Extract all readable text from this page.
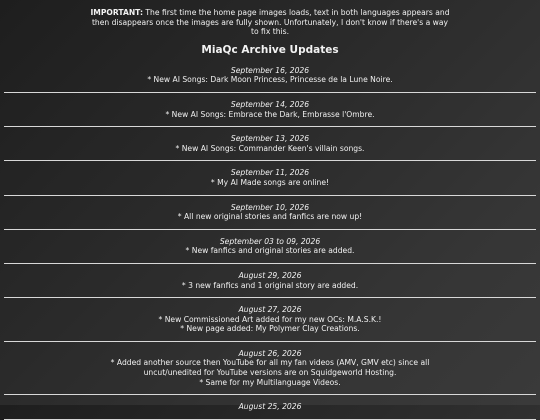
IMPORTANT: The first time the home page images loads, text in both languages appears and then disappears once the images are fully shown. Unfortunately, I don't know if there's a way to fix this.
MiaQc Archive Updates
September 16, 2026
* New AI Songs: Dark Moon Princess, Princesse de la Lune Noire.
September 14, 2026
* New AI Songs: Embrace the Dark, Embrasse l'Ombre.
September 13, 2026
* New AI Songs: Commander Keen's villain songs.
September 11, 2026
* My AI Made songs are online!
September 10, 2026
* All new original stories and fanfics are now up!
September 03 to 09, 2026
* New fanfics and original stories are added.
August 29, 2026
* 3 new fanfics and 1 original story are added.
August 27, 2026
* New Commissioned Art added for my new OCs: M.A.S.K.!
* New page added: My Polymer Clay Creations.
August 26, 2026
* Added another source then YouTube for all my fan videos (AMV, GMV etc) since all uncut/unedited for YouTube versions are on Squidgeworld Hosting.
* Same for my Multilanguage Videos.
August 25, 2026
